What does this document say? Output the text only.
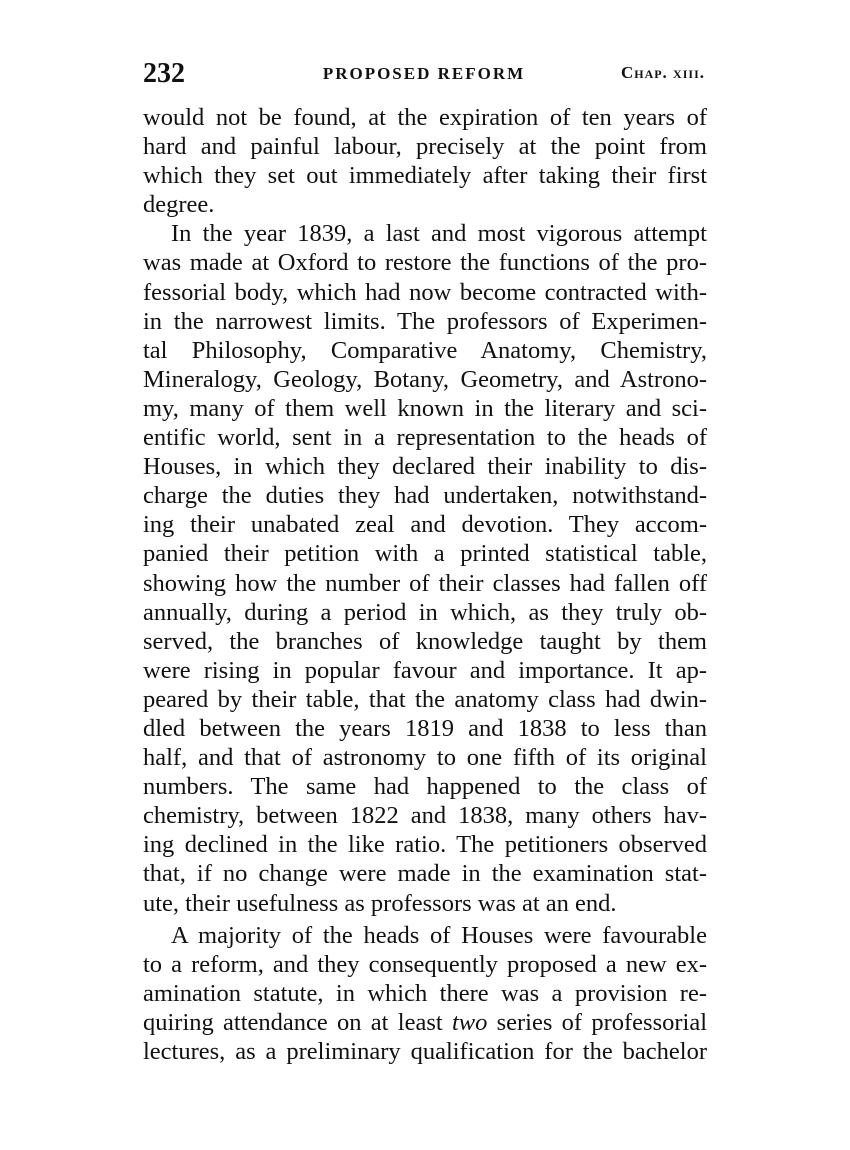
232	PROPOSED REFORM	Chap. xiii.
would not be found, at the expiration of ten years of
hard and painful labour, precisely at the point from
which they set out immediately after taking their first
degree.
In the year 1839, a last and most vigorous attempt
was made at Oxford to restore the functions of the pro-
fessorial body, which had now become contracted with-
in the narrowest limits. The professors of Experimen-
tal Philosophy, Comparative Anatomy, Chemistry,
Mineralogy, Geology, Botany, Geometry, and Astrono-
my, many of them well known in the literary and sci-
entific world, sent in a representation to the heads of
Houses, in which they declared their inability to dis-
charge the duties they had undertaken, notwithstand-
ing their unabated zeal and devotion. They accom-
panied their petition with a printed statistical table,
showing how the number of their classes had fallen off
annually, during a period in which, as they truly ob-
served, the branches of knowledge taught by them
were rising in popular favour and importance. It ap-
peared by their table, that the anatomy class had dwin-
dled between the years 1819 and 1838 to less than
half, and that of astronomy to one fifth of its original
numbers. The same had happened to the class of
chemistry, between 1822 and 1838, many others hav-
ing declined in the like ratio. The petitioners observed
that, if no change were made in the examination stat-
ute, their usefulness as professors was at an end.
A majority of the heads of Houses were favourable
to a reform, and they consequently proposed a new ex-
amination statute, in which there was a provision re-
quiring attendance on at least two series of professorial
lectures, as a preliminary qualification for the bachelor
